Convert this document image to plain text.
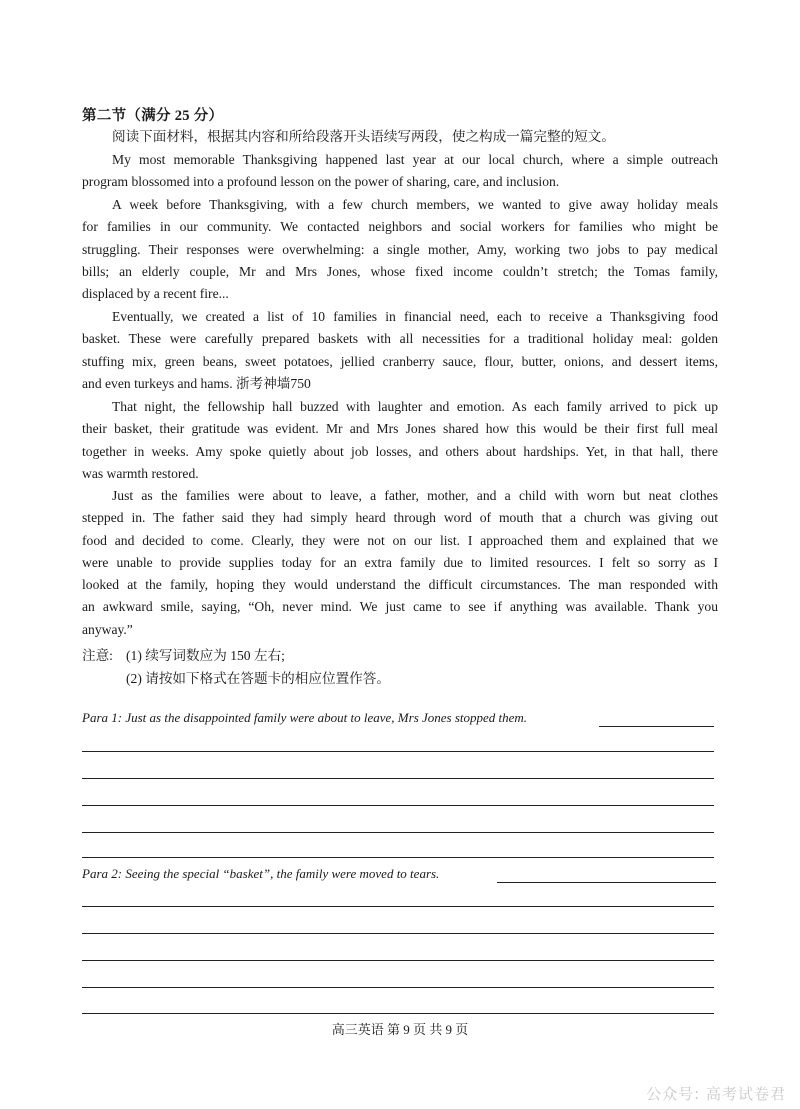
第二节（满分 25 分）
阅读下面材料，根据其内容和所给段落开头语续写两段，使之构成一篇完整的短文。
My most memorable Thanksgiving happened last year at our local church, where a simple outreach
program blossomed into a profound lesson on the power of sharing, care, and inclusion.
A week before Thanksgiving, with a few church members, we wanted to give away holiday meals
for families in our community. We contacted neighbors and social workers for families who might be
struggling. Their responses were overwhelming: a single mother, Amy, working two jobs to pay medical
bills; an elderly couple, Mr and Mrs Jones, whose fixed income couldn’t stretch; the Tomas family,
displaced by a recent fire...
Eventually, we created a list of 10 families in financial need, each to receive a Thanksgiving food
basket. These were carefully prepared baskets with all necessities for a traditional holiday meal: golden
stuffing mix, green beans, sweet potatoes, jellied cranberry sauce, flour, butter, onions, and dessert items,
and even turkeys and hams. 浙考神墙750
That night, the fellowship hall buzzed with laughter and emotion. As each family arrived to pick up
their basket, their gratitude was evident. Mr and Mrs Jones shared how this would be their first full meal
together in weeks. Amy spoke quietly about job losses, and others about hardships. Yet, in that hall, there
was warmth restored.
Just as the families were about to leave, a father, mother, and a child with worn but neat clothes
stepped in. The father said they had simply heard through word of mouth that a church was giving out
food and decided to come. Clearly, they were not on our list. I approached them and explained that we
were unable to provide supplies today for an extra family due to limited resources. I felt so sorry as I
looked at the family, hoping they would understand the difficult circumstances. The man responded with
an awkward smile, saying, “Oh, never mind. We just came to see if anything was available. Thank you
anyway.”
注意: (1) 续写词数应为 150 左右;
(2) 请按如下格式在答题卡的相应位置作答。
Para 1: Just as the disappointed family were about to leave, Mrs Jones stopped them.
Para 2: Seeing the special “basket”, the family were moved to tears.
高三英语 第 9 页 共 9 页
公众号: 高考试卷君
